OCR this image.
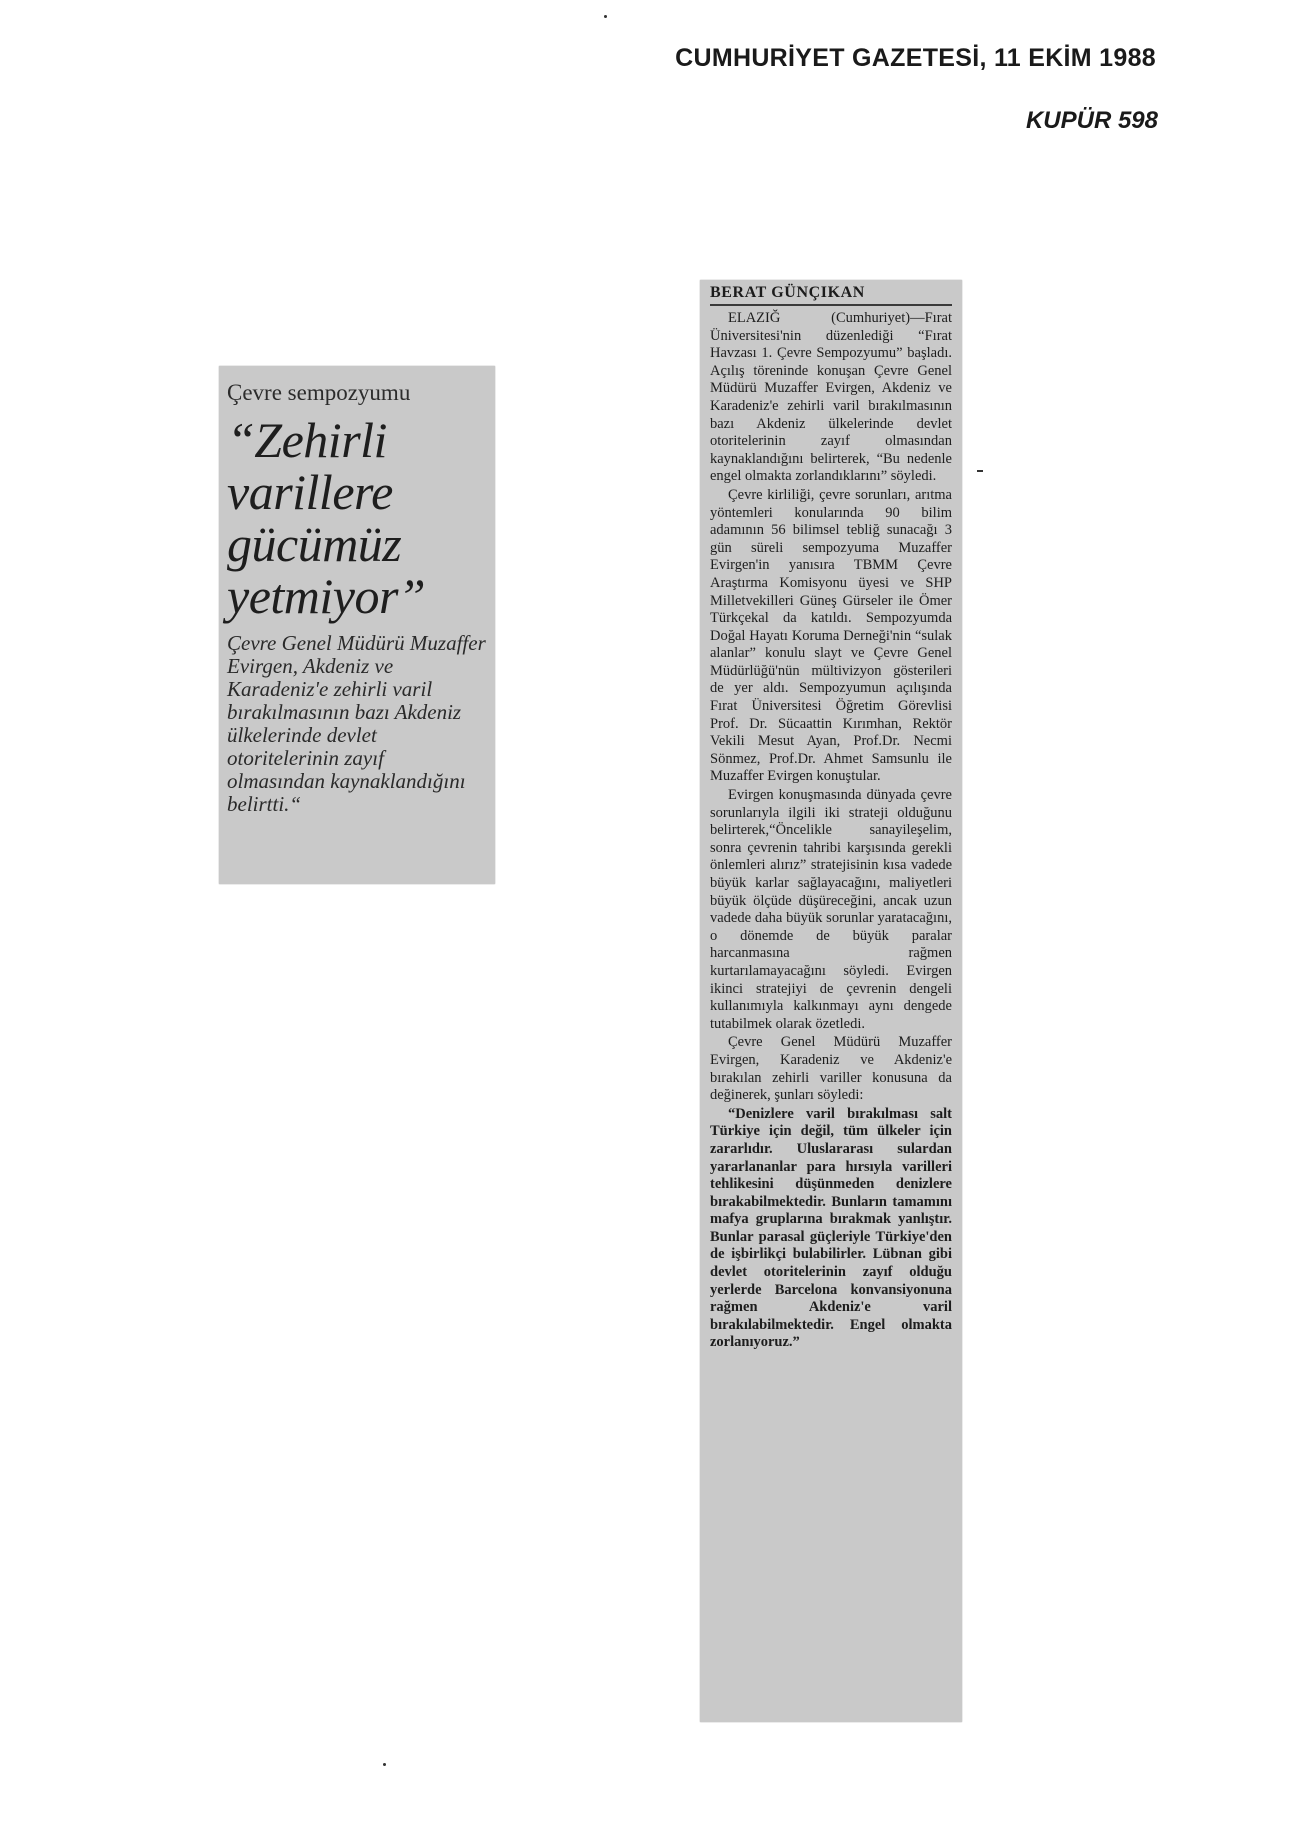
CUMHURİYET GAZETESİ, 11 EKİM 1988
KUPÜR 598
Çevre sempozyumu
“Zehirli varillere gücümüz yetmiyor”
Çevre Genel Müdürü Muzaffer Evirgen, Akdeniz ve Karadeniz'e zehirli varil bırakılmasının bazı Akdeniz ülkelerinde devlet otoritelerinin zayıf olmasından kaynaklandığını belirtti.“
BERAT GÜNÇIKAN

ELAZIĞ (Cumhuriyet)—Fırat Üniversitesi'nin düzenlediği “Fırat Havzası 1. Çevre Sempozyumu” başladı. Açılış töreninde konuşan Çevre Genel Müdürü Muzaffer Evirgen, Akdeniz ve Karadeniz'e zehirli varil bırakılmasının bazı Akdeniz ülkelerinde devlet otoritelerinin zayıf olmasından kaynaklandığını belirterek, “Bu nedenle engel olmakta zorlandıklarını” söyledi.

Çevre kirliliği, çevre sorunları, arıtma yöntemleri konularında 90 bilim adamının 56 bilimsel tebliğ sunacağı 3 gün süreli sempozyuma Muzaffer Evirgen'in yanısıra TBMM Çevre Araştırma Komisyonu üyesi ve SHP Milletvekilleri Güneş Gürseler ile Ömer Türkçekal da katıldı. Sempozyumda Doğal Hayatı Koruma Derneği'nin “sulak alanlar” konulu slayt ve Çevre Genel Müdürlüğü'nün mültivizyon gösterileri de yer aldı. Sempozyumun açılışında Fırat Üniversitesi Öğretim Görevlisi Prof. Dr. Sücaattin Kırımhan, Rektör Vekili Mesut Ayan, Prof.Dr. Necmi Sönmez, Prof.Dr. Ahmet Samsunlu ile Muzaffer Evirgen konuştular.

Evirgen konuşmasında dünyada çevre sorunlarıyla ilgili iki strateji olduğunu belirterek,“Öncelikle sanayileşelim, sonra çevrenin tahribi karşısında gerekli önlemleri alırız” stratejisinin kısa vadede büyük karlar sağlayacağını, maliyetleri büyük ölçüde düşüreceğini, ancak uzun vadede daha büyük sorunlar yaratacağını, o dönemde de büyük paralar harcanmasına rağmen kurtarılamayacağını söyledi. Evirgen ikinci stratejiyi de çevrenin dengeli kullanımıyla kalkınmayı aynı dengede tutabilmek olarak özetledi.

Çevre Genel Müdürü Muzaffer Evirgen, Karadeniz ve Akdeniz'e bırakılan zehirli variller konusuna da değinerek, şunları söyledi:

“Denizlere varil bırakılması salt Türkiye için değil, tüm ülkeler için zararlıdır. Uluslararası sulardan yararlananlar para hırsıyla varilleri tehlikesini düşünmeden denizlere bırakabilmektedir. Bunların tamamını mafya gruplarına bırakmak yanlıştır. Bunlar parasal güçleriyle Türkiye'den de işbirlikçi bulabilirler. Lübnan gibi devlet otoritelerinin zayıf olduğu yerlerde Barcelona konvansiyonuna rağmen Akdeniz'e varil bırakılabilmektedir. Engel olmakta zorlanıyoruz.”
